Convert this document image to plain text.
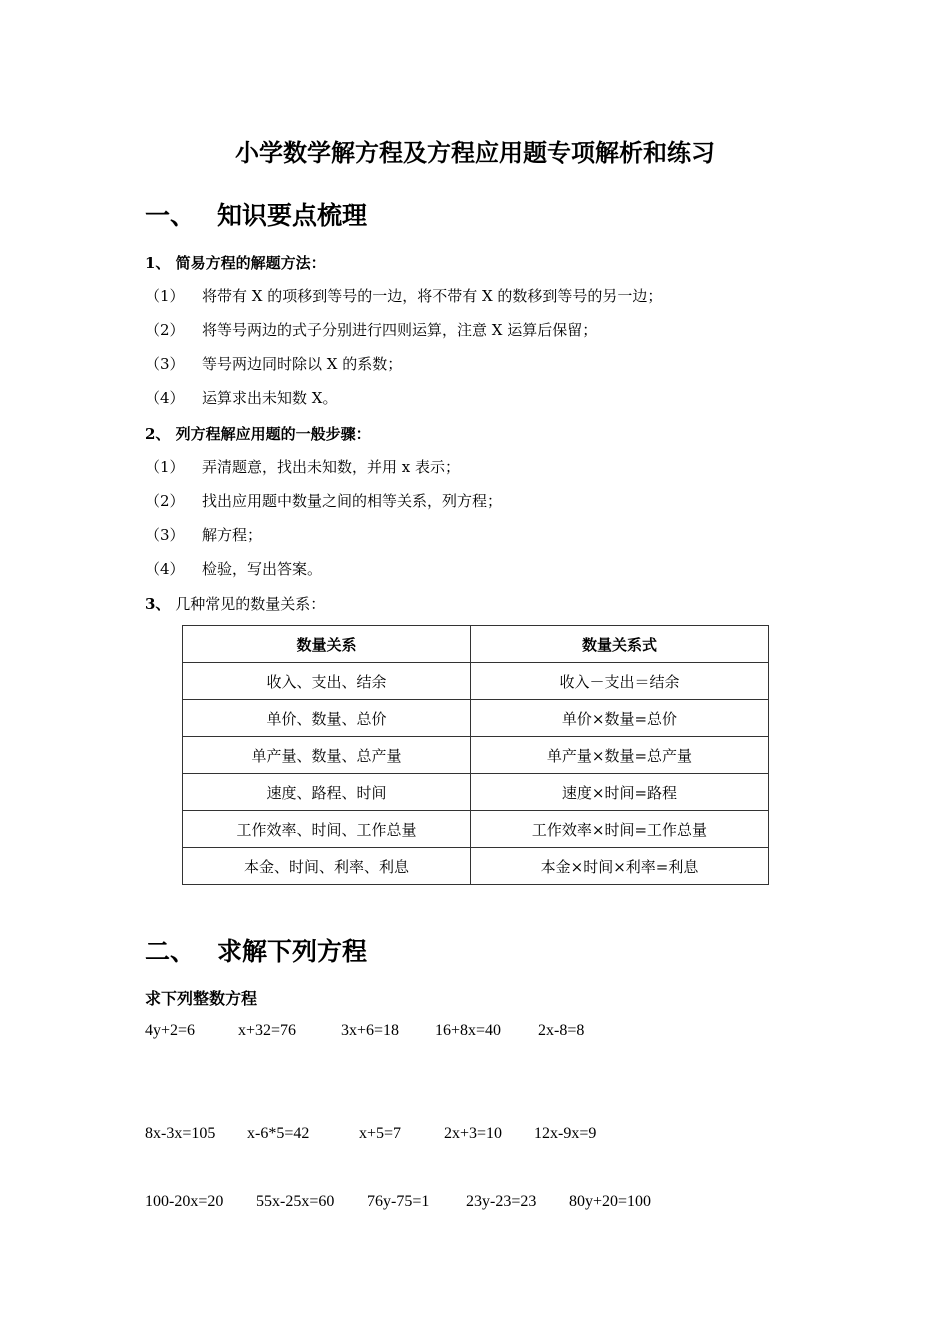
小学数学解方程及方程应用题专项解析和练习
一、 知识要点梳理
1、 简易方程的解题方法：
（1） 将带有 X 的项移到等号的一边，将不带有 X 的数移到等号的另一边；
（2） 将等号两边的式子分别进行四则运算，注意 X 运算后保留；
（3） 等号两边同时除以 X 的系数；
（4） 运算求出未知数 X。
2、 列方程解应用题的一般步骤：
（1） 弄清题意，找出未知数，并用 x 表示；
（2） 找出应用题中数量之间的相等关系，列方程；
（3） 解方程；
（4） 检验，写出答案。
3、 几种常见的数量关系：
数量关系	数量关系式
收入、支出、结余	收入－支出＝结余
单价、数量、总价	单价×数量=总价
单产量、数量、总产量	单产量×数量=总产量
速度、路程、时间	速度×时间=路程
工作效率、时间、工作总量	工作效率×时间=工作总量
本金、时间、利率、利息	本金×时间×利率=利息
二、 求解下列方程
求下列整数方程
4y+2=6	x+32=76	3x+6=18 16+8x=40 2x-8=8
8x-3x=105 x-6*5=42	x+5=7	2x+3=10 12x-9x=9
100-20x=20 55x-25x=60 76y-75=1 23y-23=23 80y+20=100
